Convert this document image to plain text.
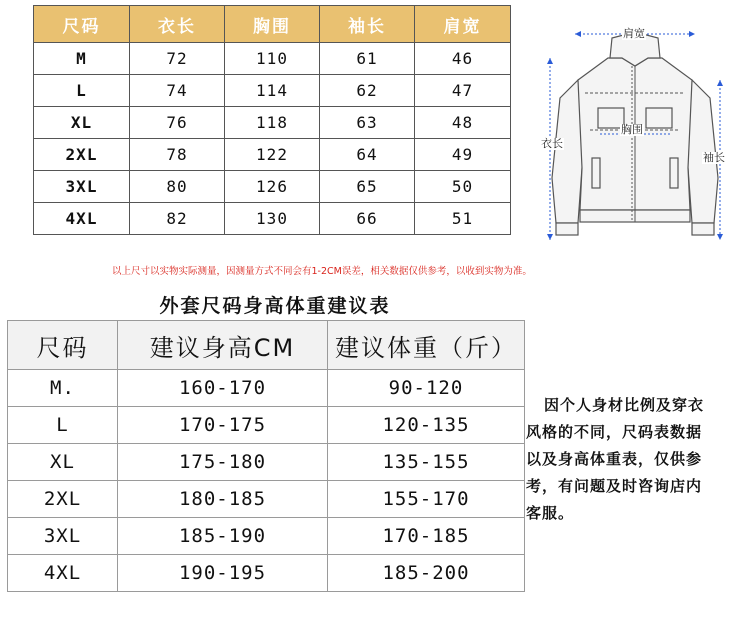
尺码	衣长	胸围	袖长	肩宽
M	72	110	61	46
L	74	114	62	47
XL	76	118	63	48
2XL	78	122	64	49
3XL	80	126	65	50
4XL	82	130	66	51
肩宽
胸围
衣长
袖长
以上尺寸以实物实际测量，因测量方式不同会有1-2CM误差，相关数据仅供参考，以收到实物为准。
外套尺码身高体重建议表
尺码	建议身高CM	建议体重（斤）
M.	160-170	90-120
L	170-175	120-135
XL	175-180	135-155
2XL	180-185	155-170
3XL	185-190	170-185
4XL	190-195	185-200
因个人身材比例及穿衣
风格的不同，尺码表数据
以及身高体重表，仅供参
考，有问题及时咨询店内
客服。
